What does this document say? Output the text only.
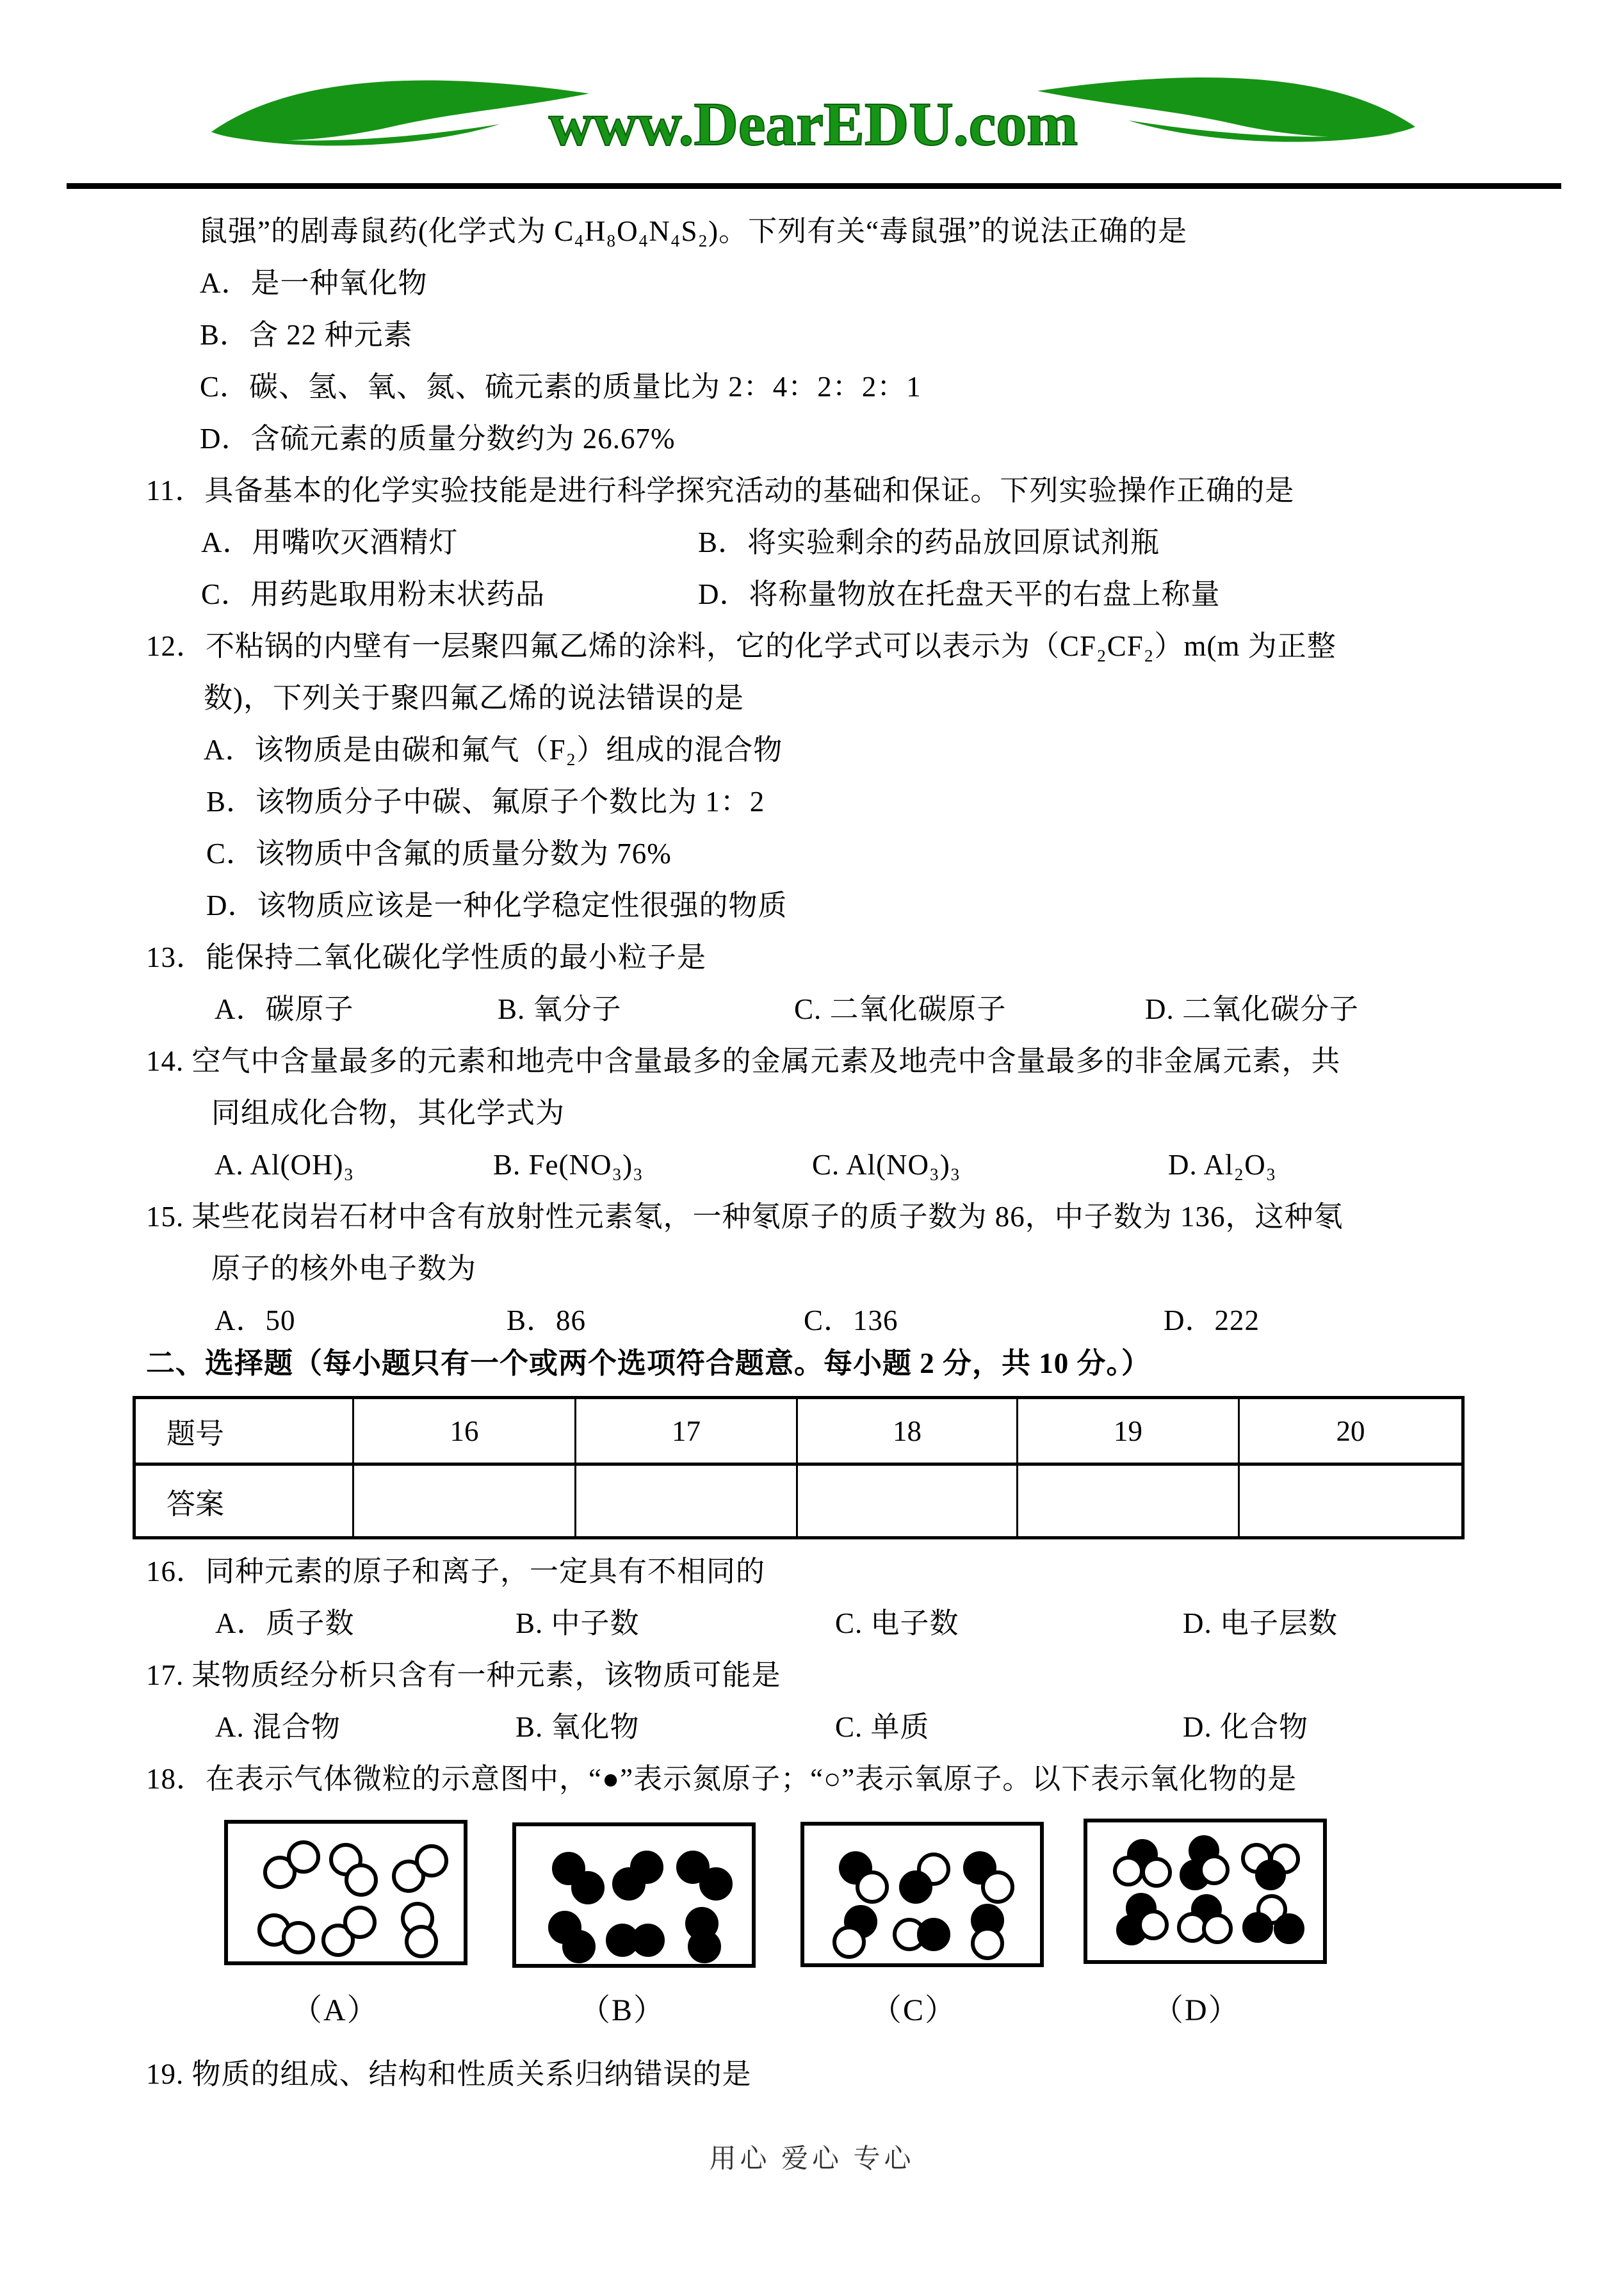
www.DearEDU.com
鼠强”的剧毒鼠药(化学式为 C₄H₈O₄N₄S₂)。下列有关“毒鼠强”的说法正确的是
A．是一种氧化物
B．含 22 种元素
C．碳、氢、氧、氮、硫元素的质量比为 2：4：2：2：1
D．含硫元素的质量分数约为 26.67%
11．具备基本的化学实验技能是进行科学探究活动的基础和保证。下列实验操作正确的是
A．用嘴吹灭酒精灯	B．将实验剩余的药品放回原试剂瓶
C．用药匙取用粉末状药品	D．将称量物放在托盘天平的右盘上称量
12．不粘锅的内壁有一层聚四氟乙烯的涂料，它的化学式可以表示为（CF₂CF₂）m(m 为正整
数)，下列关于聚四氟乙烯的说法错误的是
A．该物质是由碳和氟气（F₂）组成的混合物
B．该物质分子中碳、氟原子个数比为 1：2
C．该物质中含氟的质量分数为 76%
D．该物质应该是一种化学稳定性很强的物质
13．能保持二氧化碳化学性质的最小粒子是
A．碳原子	B. 氧分子	C. 二氧化碳原子	D. 二氧化碳分子
14. 空气中含量最多的元素和地壳中含量最多的金属元素及地壳中含量最多的非金属元素，共
同组成化合物，其化学式为
A. Al(OH)₃	B. Fe(NO₃)₃	C. Al(NO₃)₃	D. Al₂O₃
15. 某些花岗岩石材中含有放射性元素氡，一种氡原子的质子数为 86，中子数为 136，这种氡
原子的核外电子数为
A．50	B．86	C．136	D．222
二、选择题（每小题只有一个或两个选项符合题意。每小题 2 分，共 10 分。）
题号	16	17	18	19	20
答案					
16．同种元素的原子和离子，一定具有不相同的
A．质子数	B. 中子数	C. 电子数	D. 电子层数
17. 某物质经分析只含有一种元素，该物质可能是
A. 混合物	B. 氧化物	C. 单质	D. 化合物
18．在表示气体微粒的示意图中，“●”表示氮原子；“○”表示氧原子。以下表示氧化物的是
（A）	（B）	（C）	（D）
19. 物质的组成、结构和性质关系归纳错误的是
用心 爱心 专心
